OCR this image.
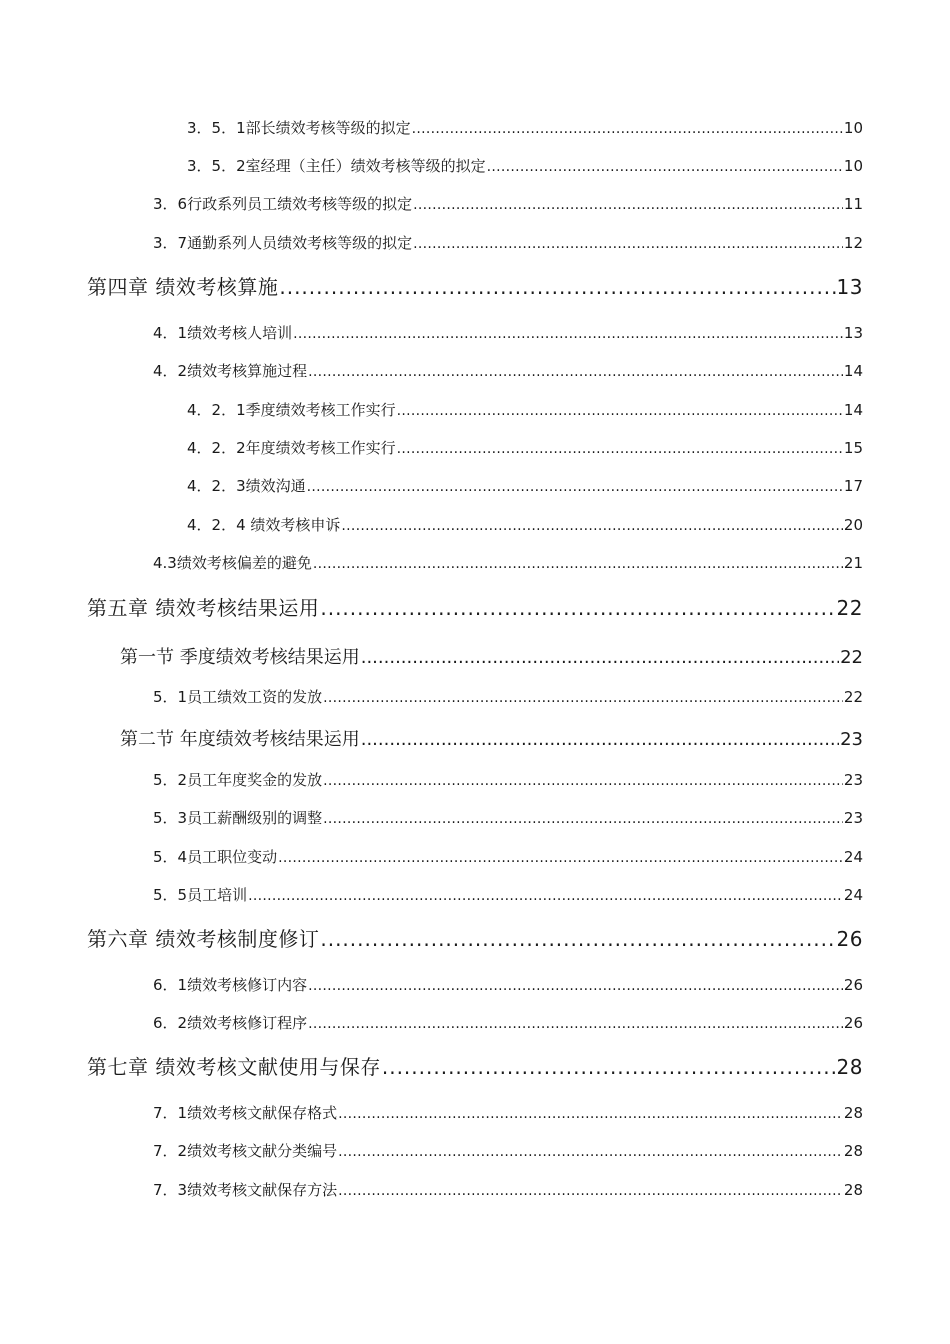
3．5．1部长绩效考核等级的拟定 .....	10
3．5．2室经理（主任）绩效考核等级的拟定 .....	10
3．6行政系列员工绩效考核等级的拟定 .....	11
3．7通勤系列人员绩效考核等级的拟定 .....	12
第四章 绩效考核算施 .....	13
4．1绩效考核人培训 .....	13
4．2绩效考核算施过程 .....	14
4．2．1季度绩效考核工作实行 .....	14
4．2．2年度绩效考核工作实行 .....	15
4．2．3绩效沟通 .....	17
4．2．4 绩效考核申诉 .....	20
4.3绩效考核偏差的避免 .....	21
第五章 绩效考核结果运用 .....	22
第一节 季度绩效考核结果运用 .....	22
5．1员工绩效工资的发放 .....	22
第二节 年度绩效考核结果运用 .....	23
5．2员工年度奖金的发放 .....	23
5．3员工薪酬级别的调整 .....	23
5．4员工职位变动 .....	24
5．5员工培训 .....	24
第六章 绩效考核制度修订 .....	26
6．1绩效考核修订内容 .....	26
6．2绩效考核修订程序 .....	26
第七章 绩效考核文献使用与保存 .....	28
7．1绩效考核文献保存格式 .....	28
7．2绩效考核文献分类编号 .....	28
7．3绩效考核文献保存方法 .....	28
